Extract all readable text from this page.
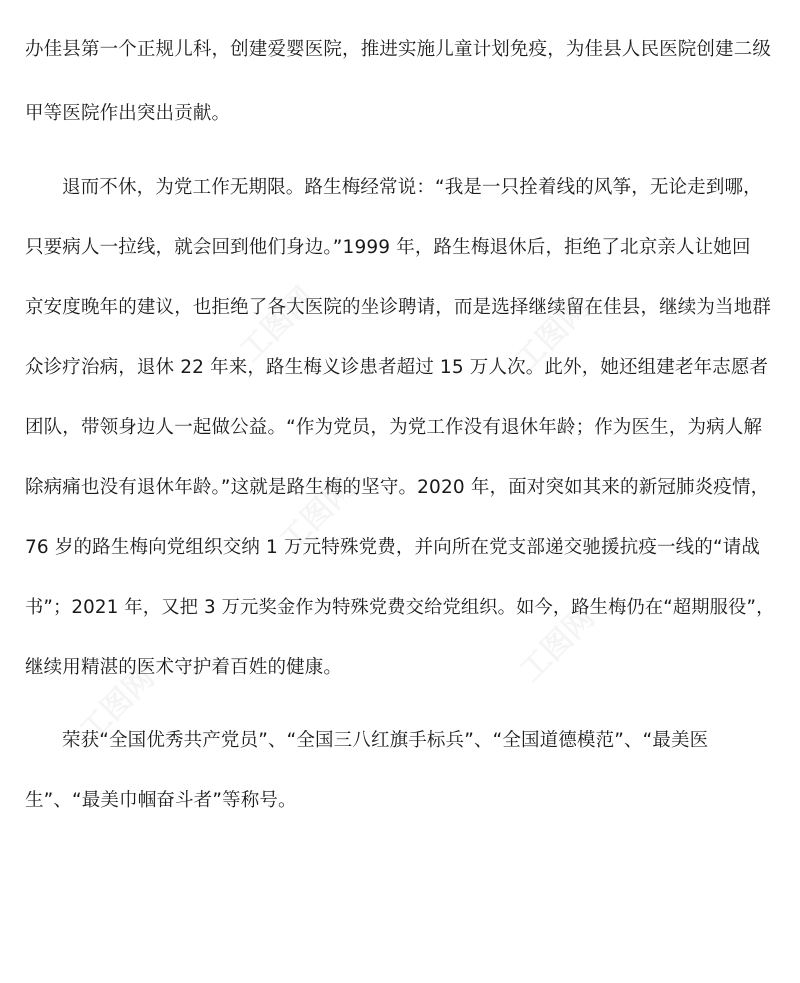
办佳县第一个正规儿科，创建爱婴医院，推进实施儿童计划免疫，为佳县人民医院创建二级
甲等医院作出突出贡献。
退而不休，为党工作无期限。路生梅经常说：“我是一只拴着线的风筝，无论走到哪，
只要病人一拉线，就会回到他们身边。”1999 年，路生梅退休后，拒绝了北京亲人让她回
京安度晚年的建议，也拒绝了各大医院的坐诊聘请，而是选择继续留在佳县，继续为当地群
众诊疗治病，退休 22 年来，路生梅义诊患者超过 15 万人次。此外，她还组建老年志愿者
团队，带领身边人一起做公益。“作为党员，为党工作没有退休年龄；作为医生，为病人解
除病痛也没有退休年龄。”这就是路生梅的坚守。2020 年，面对突如其来的新冠肺炎疫情，
76 岁的路生梅向党组织交纳 1 万元特殊党费，并向所在党支部递交驰援抗疫一线的“请战
书”；2021 年，又把 3 万元奖金作为特殊党费交给党组织。如今，路生梅仍在“超期服役”，
继续用精湛的医术守护着百姓的健康。
荣获“全国优秀共产党员”、“全国三八红旗手标兵”、“全国道德模范”、“最美医
生”、“最美巾帼奋斗者”等称号。
